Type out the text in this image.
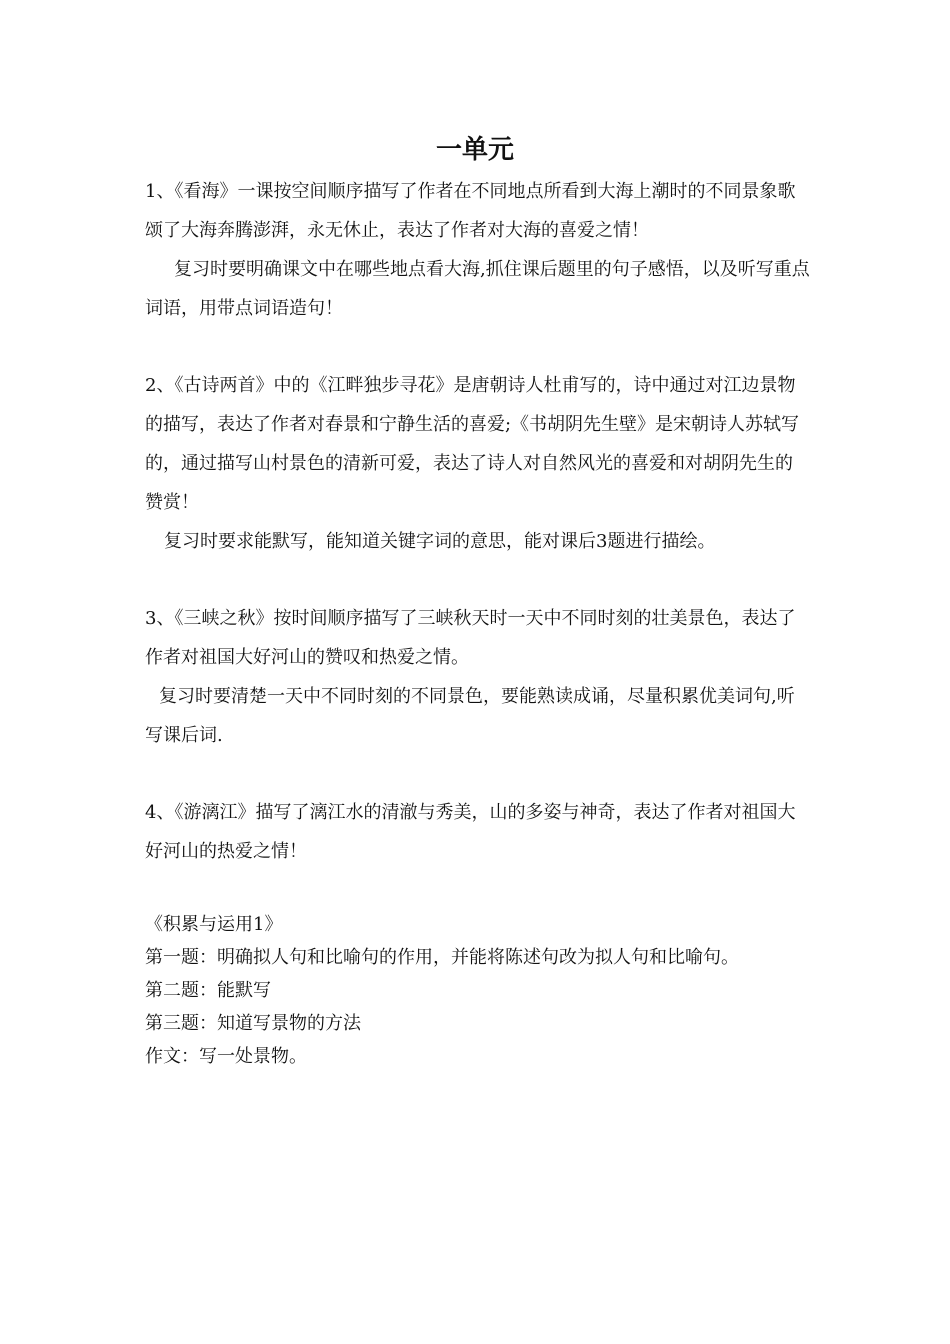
一单元

1、《看海》一课按空间顺序描写了作者在不同地点所看到大海上潮时的不同景象歌颂了大海奔腾澎湃，永无休止，表达了作者对大海的喜爱之情！

复习时要明确课文中在哪些地点看大海,抓住课后题里的句子感悟，以及听写重点词语，用带点词语造句！

2、《古诗两首》中的《江畔独步寻花》是唐朝诗人杜甫写的，诗中通过对江边景物的描写，表达了作者对春景和宁静生活的喜爱;《书胡阴先生壁》是宋朝诗人苏轼写的，通过描写山村景色的清新可爱，表达了诗人对自然风光的喜爱和对胡阴先生的赞赏！

复习时要求能默写，能知道关键字词的意思，能对课后3题进行描绘。

3、《三峡之秋》按时间顺序描写了三峡秋天时一天中不同时刻的壮美景色，表达了作者对祖国大好河山的赞叹和热爱之情。

复习时要清楚一天中不同时刻的不同景色，要能熟读成诵，尽量积累优美词句,听写课后词.

4、《游漓江》描写了漓江水的清澈与秀美，山的多姿与神奇，表达了作者对祖国大好河山的热爱之情！

《积累与运用1》

第一题：明确拟人句和比喻句的作用，并能将陈述句改为拟人句和比喻句。

第二题：能默写

第三题：知道写景物的方法

作文：写一处景物。
